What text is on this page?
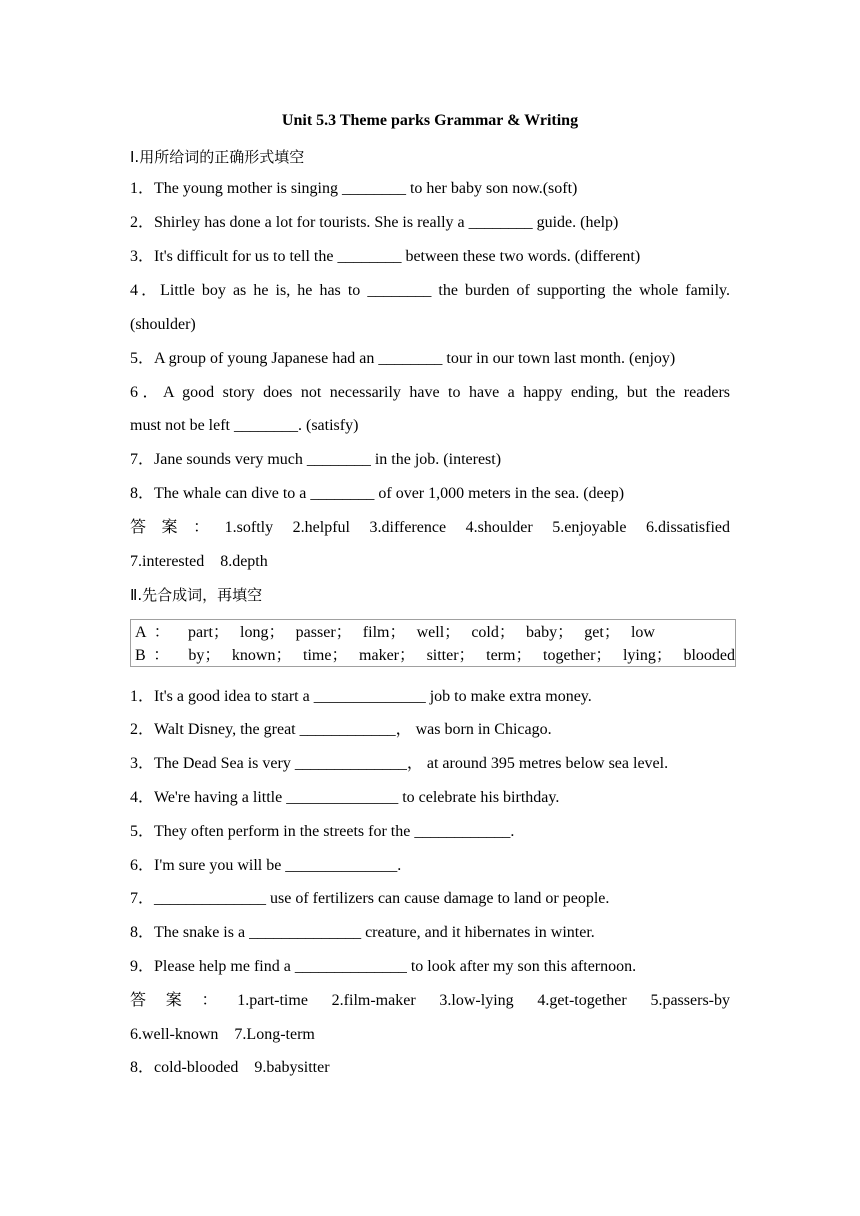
Unit 5.3 Theme parks Grammar & Writing
Ⅰ.用所给词的正确形式填空
1．The young mother is singing ________ to her baby son now.(soft)
2．Shirley has done a lot for tourists. She is really a ________ guide. (help)
3．It's difficult for us to tell the ________ between these two words. (different)
4．Little boy as he is, he has to ________ the burden of supporting the whole family.
(shoulder)
5．A group of young Japanese had an ________ tour in our town last month. (enjoy)
6．A good story does not necessarily have to have a happy ending, but the readers
must not be left ________. (satisfy)
7．Jane sounds very much ________ in the job. (interest)
8．The whale can dive to a ________ of over 1,000 meters in the sea. (deep)
答案：1.softly 2.helpful 3.difference 4.shoulder 5.enjoyable 6.dissatisfied
7.interested    8.depth
Ⅱ.先合成词，再填空
A： part； long； passer； film； well； cold； baby； get； low
B： by； known； time； maker； sitter； term； together； lying； blooded
1．It's a good idea to start a ______________ job to make extra money.
2．Walt Disney, the great ____________， was born in Chicago.
3．The Dead Sea is very ______________， at around 395 metres below sea level.
4．We're having a little ______________ to celebrate his birthday.
5．They often perform in the streets for the ____________.
6．I'm sure you will be ______________.
7．______________ use of fertilizers can cause damage to land or people.
8．The snake is a ______________ creature, and it hibernates in winter.
9．Please help me find a ______________ to look after my son this afternoon.
答案：1.part-time 2.film-maker 3.low-lying 4.get-together 5.passers-by
6.well-known    7.Long-term
8．cold-blooded    9.babysitter
